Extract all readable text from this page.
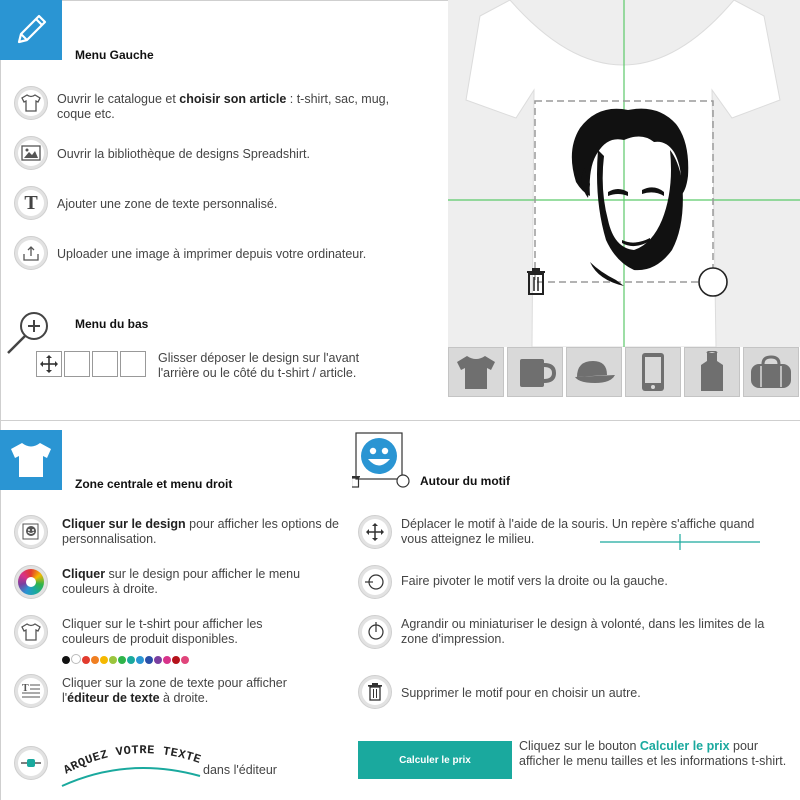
Menu Gauche
Ouvrir le catalogue et choisir son article : t-shirt, sac, mug, coque etc.
Ouvrir la bibliothèque de designs Spreadshirt.
T Ajouter une zone de texte personnalisé.
Uploader une image à imprimer depuis votre ordinateur.
Menu du bas
Glisser déposer le design sur l'avant l'arrière ou le côté du t-shirt / article.
Zone centrale et menu droit
Cliquer sur le design pour afficher les options de personnalisation.
Cliquer sur le design pour afficher le menu couleurs à droite.
Cliquer sur le t-shirt pour afficher les couleurs de produit disponibles.
T	Cliquer sur la zone de texte pour afficher l'éditeur de texte à droite.
ARQUEZ VOTRE TEXTE
dans l'éditeur
Autour du motif
Déplacer le motif à l'aide de la souris. Un repère s'affiche quand vous atteignez le milieu.
Faire pivoter le motif vers la droite ou la gauche.
Agrandir ou miniaturiser le design à volonté, dans les limites de la zone d'impression.
Supprimer le motif pour en choisir un autre.
Calculer le prix
Cliquez sur le bouton Calculer le prix pour afficher le menu tailles et les informations t-shirt.
